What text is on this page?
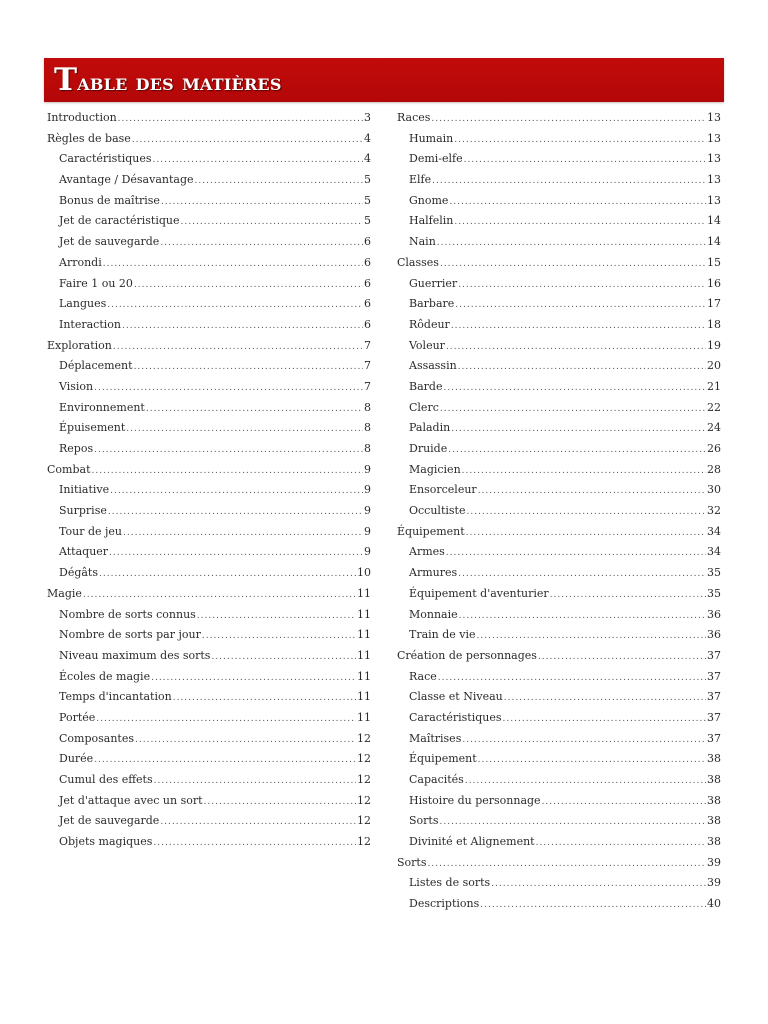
Table des matières
Introduction .....	3
Règles de base .....	4
Caractéristiques .....	4
Avantage / Désavantage .....	5
Bonus de maîtrise .....	5
Jet de caractéristique .....	5
Jet de sauvegarde .....	6
Arrondi .....	6
Faire 1 ou 20 .....	6
Langues .....	6
Interaction .....	6
Exploration .....	7
Déplacement .....	7
Vision .....	7
Environnement .....	8
Épuisement .....	8
Repos .....	8
Combat .....	9
Initiative .....	9
Surprise .....	9
Tour de jeu .....	9
Attaquer .....	9
Dégâts .....	10
Magie .....	11
Nombre de sorts connus .....	11
Nombre de sorts par jour .....	11
Niveau maximum des sorts .....	11
Écoles de magie .....	11
Temps d'incantation .....	11
Portée .....	11
Composantes .....	12
Durée .....	12
Cumul des effets .....	12
Jet d'attaque avec un sort .....	12
Jet de sauvegarde .....	12
Objets magiques .....	12
Races .....	13
Humain .....	13
Demi-elfe .....	13
Elfe .....	13
Gnome .....	13
Halfelin .....	14
Nain .....	14
Classes .....	15
Guerrier .....	16
Barbare .....	17
Rôdeur .....	18
Voleur .....	19
Assassin .....	20
Barde .....	21
Clerc .....	22
Paladin .....	24
Druide .....	26
Magicien .....	28
Ensorceleur .....	30
Occultiste .....	32
Équipement .....	34
Armes .....	34
Armures .....	35
Équipement d'aventurier .....	35
Monnaie .....	36
Train de vie .....	36
Création de personnages .....	37
Race .....	37
Classe et Niveau .....	37
Caractéristiques .....	37
Maîtrises .....	37
Équipement .....	38
Capacités .....	38
Histoire du personnage .....	38
Sorts .....	38
Divinité et Alignement .....	38
Sorts .....	39
Listes de sorts .....	39
Descriptions .....	40
